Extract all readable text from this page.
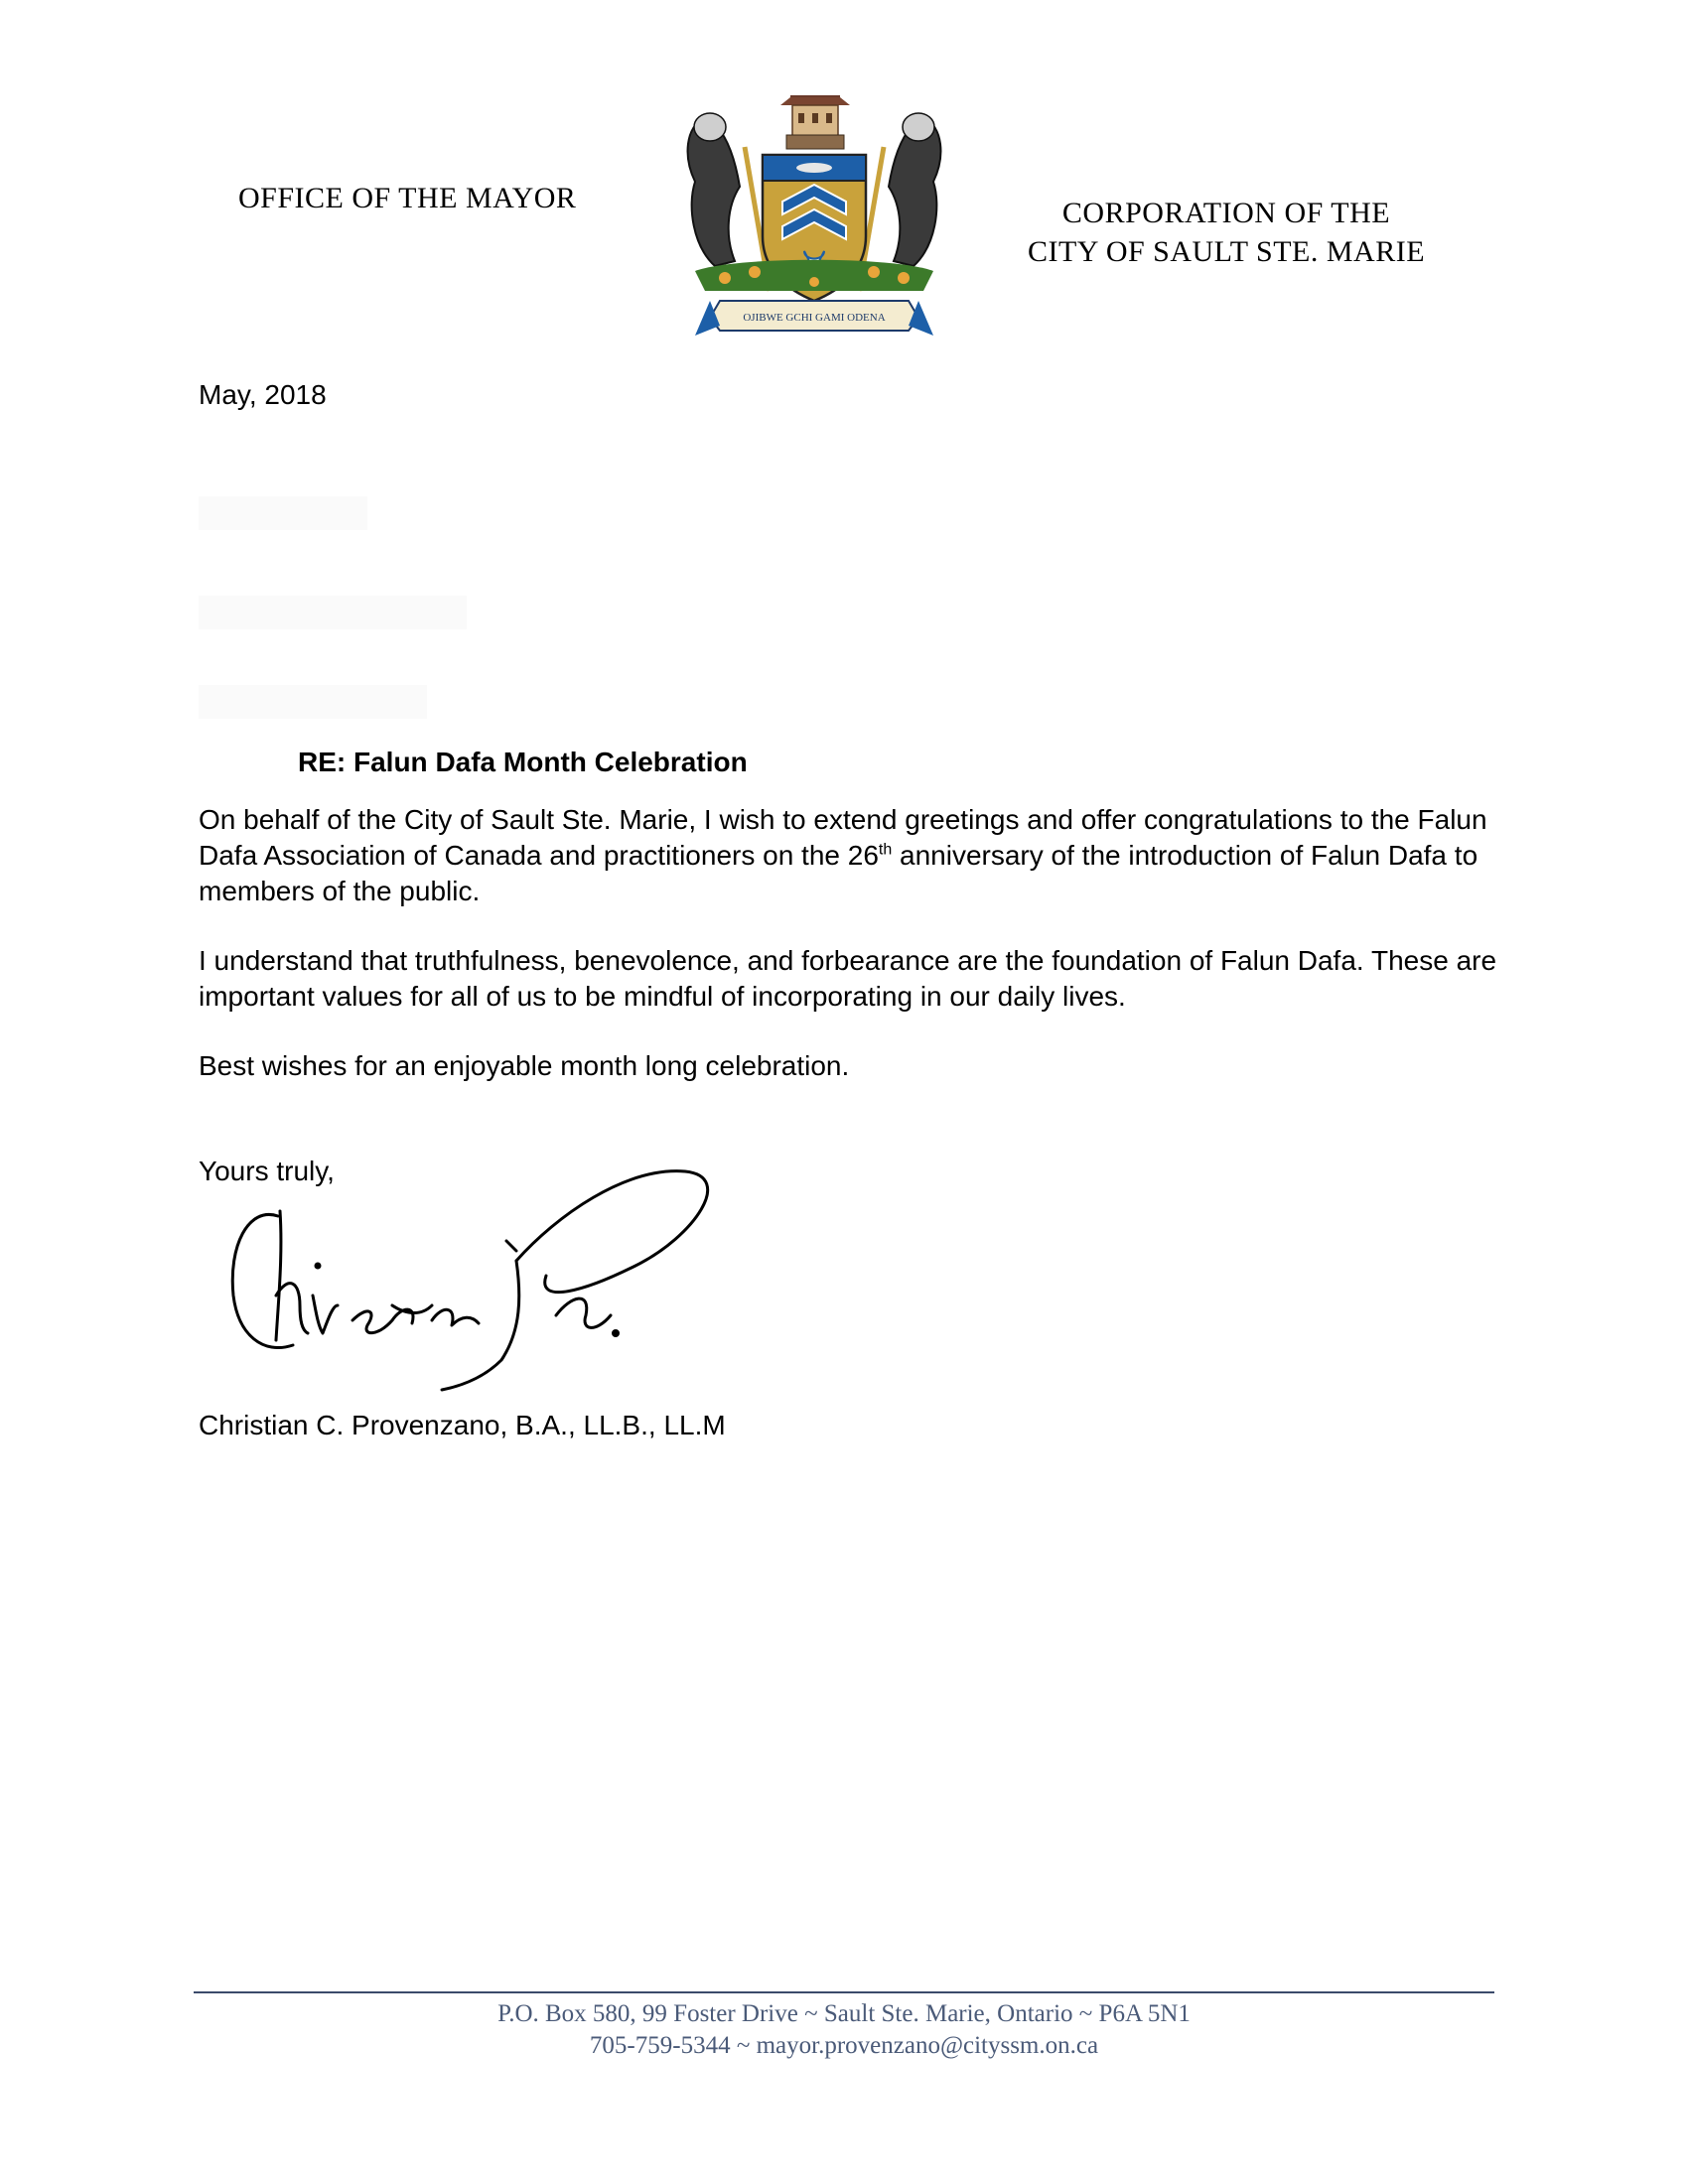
OFFICE OF THE MAYOR
OJIBWE GCHI GAMI ODENA
CORPORATION OF THE
CITY OF SAULT STE. MARIE
May, 2018
RE: Falun Dafa Month Celebration
On behalf of the City of Sault Ste. Marie, I wish to extend greetings and offer congratulations to the Falun Dafa Association of Canada and practitioners on the 26th anniversary of the introduction of Falun Dafa to members of the public.
I understand that truthfulness, benevolence, and forbearance are the foundation of Falun Dafa. These are important values for all of us to be mindful of incorporating in our daily lives.
Best wishes for an enjoyable month long celebration.
Yours truly,
Christian C. Provenzano, B.A., LL.B., LL.M
P.O. Box 580, 99 Foster Drive ~ Sault Ste. Marie, Ontario ~ P6A 5N1
705-759-5344 ~ mayor.provenzano@cityssm.on.ca
